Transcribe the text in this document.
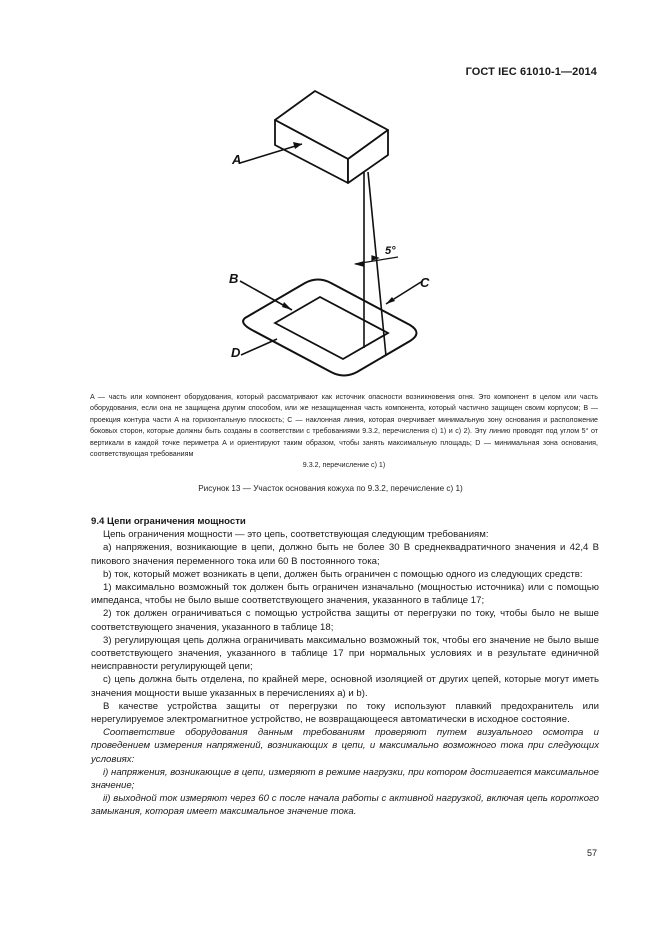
ГОСТ IEC 61010-1—2014
5°
A
B	C
D
A — часть или компонент оборудования, который рассматривают как источник опасности возникновения огня. Это компонент в целом или часть оборудования, если она не защищена другим способом, или же незащищенная часть компонента, который частично защищен своим корпусом; B — проекция контура части A на горизонтальную плоскость; C — наклонная линия, которая очерчивает минимальную зону основания и расположение боковых сторон, которые должны быть созданы в соответствии с требованиями 9.3.2, перечисления с) 1) и с) 2). Эту линию проводят под углом 5° от вертикали в каждой точке периметра A и ориентируют таким образом, чтобы занять максимальную площадь; D — минимальная зона основания, соответствующая требованиям
9.3.2, перечисление с) 1)
Рисунок 13 — Участок основания кожуха по 9.3.2, перечисление с) 1)

9.4 Цепи ограничения мощности

Цепь ограничения мощности — это цепь, соответствующая следующим требованиям:

а) напряжения, возникающие в цепи, должно быть не более 30 В среднеквадратичного значения и 42,4 В пикового значения переменного тока или 60 В постоянного тока;

b) ток, который может возникать в цепи, должен быть ограничен с помощью одного из следующих средств:

1) максимально возможный ток должен быть ограничен изначально (мощностью источника) или с помощью импеданса, чтобы не было выше соответствующего значения, указанного в таблице 17;

2) ток должен ограничиваться с помощью устройства защиты от перегрузки по току, чтобы было не выше соответствующего значения, указанного в таблице 18;

3) регулирующая цепь должна ограничивать максимально возможный ток, чтобы его значение не было выше соответствующего значения, указанного в таблице 17 при нормальных условиях и в результате единичной неисправности регулирующей цепи;

с) цепь должна быть отделена, по крайней мере, основной изоляцией от других цепей, которые могут иметь значения мощности выше указанных в перечислениях а) и b).

В качестве устройства защиты от перегрузки по току используют плавкий предохранитель или нерегулируемое электромагнитное устройство, не возвращающееся автоматически в исходное состояние.

Соответствие оборудования данным требованиям проверяют путем визуального осмотра и проведением измерения напряжений, возникающих в цепи, и максимально возможного тока при следующих условиях:

i) напряжения, возникающие в цепи, измеряют в режиме нагрузки, при котором достигается максимальное значение;

ii) выходной ток измеряют через 60 с после начала работы с активной нагрузкой, включая цепь короткого замыкания, которая имеет максимальное значение тока.

57
